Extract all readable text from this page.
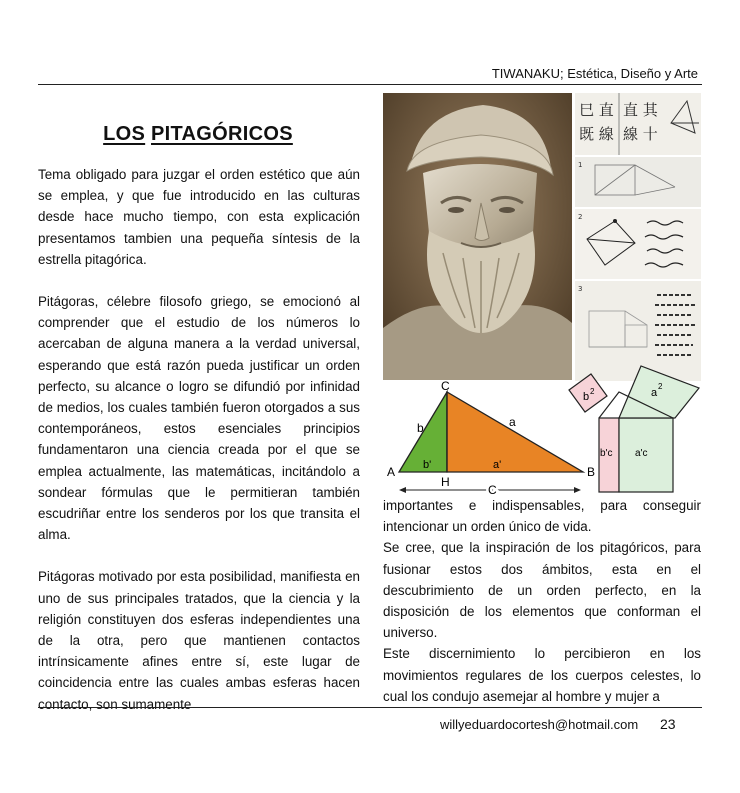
TIWANAKU; Estética, Diseño y Arte
LOS PITAGÓRICOS

Tema obligado para juzgar el orden estético que aún se emplea, y que fue introducido en las culturas desde hace mucho tiempo, con esta explicación presentamos tambien una pequeña síntesis de la estrella pitagórica.

Pitágoras, célebre filosofo griego, se emocionó al comprender que el estudio de los números lo acercaban de alguna manera a la verdad universal, esperando que está razón pueda justificar un orden perfecto, su alcance o logro se difundió por infinidad de medios, los cuales también fueron otorgados a sus contemporáneos, estos esenciales principios fundamentaron una ciencia creada por el que se emplea actualmente, las matemáticas, incitándolo a sondear fórmulas que le permitieran también escudriñar entre los senderos por los que transita el alma.

Pitágoras motivado por esta posibilidad, manifiesta en uno de sus principales tratados, que la ciencia y la religión constituyen dos esferas independientes una de la otra, pero que mantienen contactos intrínsicamente afines entre sí, este lugar de coincidencia entre las cuales ambas esferas hacen contacto, son sumamente

巳 直
既 線
直 其
線 十
1
2
3
C
A	B
H
b	a
b'	a'
C
b 2	a
2
b'c a'c

importantes e indispensables, para conseguir intencionar un orden único de vida.

Se cree, que la inspiración de los pitagóricos, para fusionar estos dos ámbitos, esta en el descubrimiento de un orden perfecto, en la disposición de los elementos que conforman el universo.

Este discernimiento lo percibieron en los movimientos regulares de los cuerpos celestes, lo cual los condujo asemejar al hombre y mujer a

willyeduardocortesh@hotmail.com 23
